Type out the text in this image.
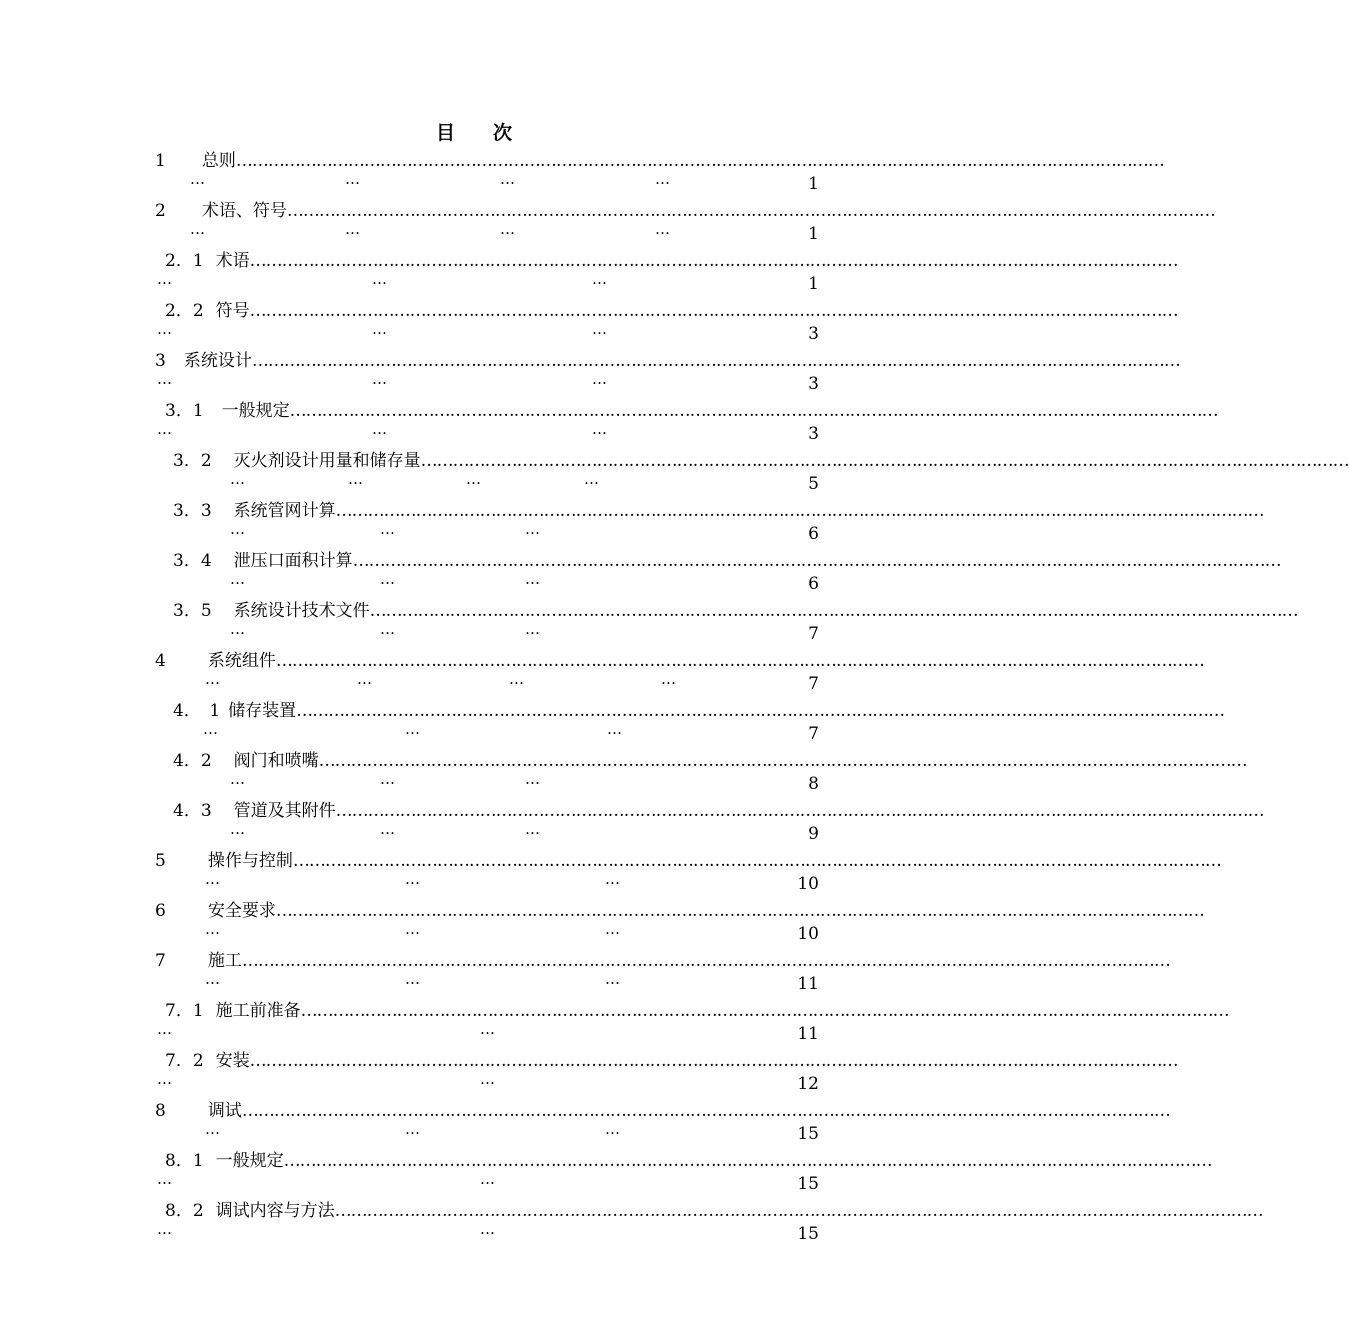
目 次
1 总则…………………………………………………………………………………………………………………………………………………………
…	…	…	…	1
2 术语、符号…………………………………………………………………………………………………………………………………………………………
…	…	…	…	1
2．1 术语…………………………………………………………………………………………………………………………………………………………
…	…	…	1
2．2 符号…………………………………………………………………………………………………………………………………………………………
…	…	…	3
3 系统设计…………………………………………………………………………………………………………………………………………………………
…	…	…	3
3．1 一般规定…………………………………………………………………………………………………………………………………………………………
…	…	…	3
3．2 灭火剂设计用量和储存量…………………………………………………………………………………………………………………………………………………………
…	…	…	…	5
3．3 系统管网计算…………………………………………………………………………………………………………………………………………………………
…	…	…	6
3．4 泄压口面积计算…………………………………………………………………………………………………………………………………………………………
…	…	…	6
3．5 系统设计技术文件…………………………………………………………………………………………………………………………………………………………
…	…	…	7
4 系统组件…………………………………………………………………………………………………………………………………………………………
…	…	…	…	7
4．　1 储存装置…………………………………………………………………………………………………………………………………………………………
…	…	…	7
4．2 阀门和喷嘴…………………………………………………………………………………………………………………………………………………………
…	…	…	8
4．3 管道及其附件…………………………………………………………………………………………………………………………………………………………
…	…	…	9
5 操作与控制…………………………………………………………………………………………………………………………………………………………
…	…	…	10
6 安全要求…………………………………………………………………………………………………………………………………………………………
…	…	…	10
7 施工…………………………………………………………………………………………………………………………………………………………
…	…	…	11
7．1 施工前准备…………………………………………………………………………………………………………………………………………………………
…	…	11
7．2 安装…………………………………………………………………………………………………………………………………………………………
…	…	12
8 调试…………………………………………………………………………………………………………………………………………………………
…	…	…	15
8．1 一般规定…………………………………………………………………………………………………………………………………………………………
…	…	15
8．2 调试内容与方法…………………………………………………………………………………………………………………………………………………………
…	…	15
